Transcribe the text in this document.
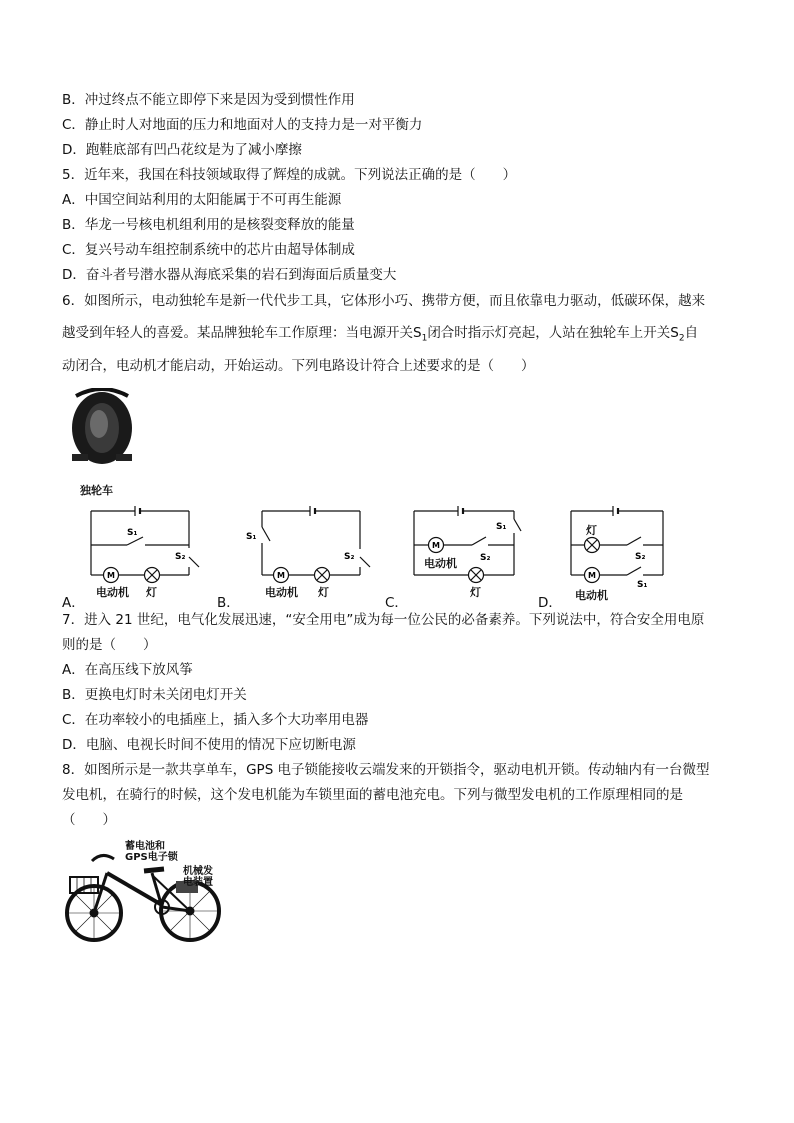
B．冲过终点不能立即停下来是因为受到惯性作用
C．静止时人对地面的压力和地面对人的支持力是一对平衡力
D．跑鞋底部有凹凸花纹是为了减小摩擦
5．近年来，我国在科技领域取得了辉煌的成就。下列说法正确的是（　　）
A．中国空间站利用的太阳能属于不可再生能源
B．华龙一号核电机组利用的是核裂变释放的能量
C．复兴号动车组控制系统中的芯片由超导体制成
D．奋斗者号潜水器从海底采集的岩石到海面后质量变大
6．如图所示，电动独轮车是新一代代步工具，它体形小巧、携带方便，而且依靠电力驱动，低碳环保，越来
越受到年轻人的喜爱。某品牌独轮车工作原理：当电源开关$S_1$闭合时指示灯亮起，人站在独轮车上开关$S_2$自
动闭合，电动机才能启动，开始运动。下列电路设计符合上述要求的是（　　）
独轮车
S₁
S₂
M
A．
电动机 灯
S₁
S₂
M
B．
电动机 灯
S₁
S₂
M
C．
电动机
灯
S₂
S₁
M
D．
灯
电动机
7．进入 21 世纪，电气化发展迅速，“安全用电”成为每一位公民的必备素养。下列说法中，符合安全用电原
则的是（　　）
A．在高压线下放风筝
B．更换电灯时未关闭电灯开关
C．在功率较小的电插座上，插入多个大功率用电器
D．电脑、电视长时间不使用的情况下应切断电源
8．如图所示是一款共享单车，GPS 电子锁能接收云端发来的开锁指令，驱动电机开锁。传动轴内有一台微型
发电机，在骑行的时候，这个发电机能为车锁里面的蓄电池充电。下列与微型发电机的工作原理相同的是
（　　）
蓄电池和
GPS电子锁
机械发
电装置
